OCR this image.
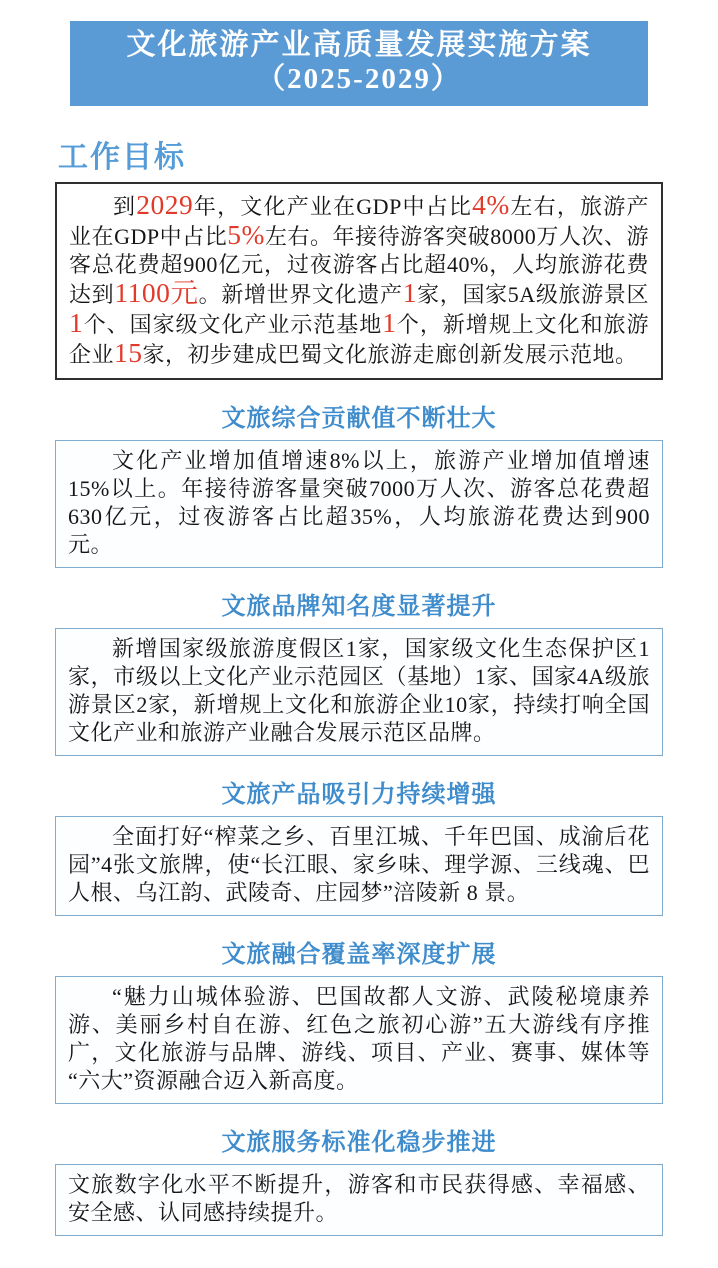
文化旅游产业高质量发展实施方案
（2025-2029）
工作目标

到2029年，文化产业在GDP中占比4%左右，旅游产业在GDP中占比5%左右。年接待游客突破8000万人次、游客总花费超900亿元，过夜游客占比超40%，人均旅游花费达到1100元。新增世界文化遗产1家，国家5A级旅游景区1个、国家级文化产业示范基地1个，新增规上文化和旅游企业15家，初步建成巴蜀文化旅游走廊创新发展示范地。

文旅综合贡献值不断壮大

文化产业增加值增速8%以上，旅游产业增加值增速15%以上。年接待游客量突破7000万人次、游客总花费超630亿元，过夜游客占比超35%，人均旅游花费达到900元。

文旅品牌知名度显著提升

新增国家级旅游度假区1家，国家级文化生态保护区1家，市级以上文化产业示范园区（基地）1家、国家4A级旅游景区2家，新增规上文化和旅游企业10家，持续打响全国文化产业和旅游产业融合发展示范区品牌。

文旅产品吸引力持续增强

全面打好“榨菜之乡、百里江城、千年巴国、成渝后花园”4张文旅牌，使“长江眼、家乡味、理学源、三线魂、巴人根、乌江韵、武陵奇、庄园梦”涪陵新 8 景。

文旅融合覆盖率深度扩展

“魅力山城体验游、巴国故都人文游、武陵秘境康养游、美丽乡村自在游、红色之旅初心游”五大游线有序推广，文化旅游与品牌、游线、项目、产业、赛事、媒体等“六大”资源融合迈入新高度。

文旅服务标准化稳步推进

文旅数字化水平不断提升，游客和市民获得感、幸福感、安全感、认同感持续提升。
